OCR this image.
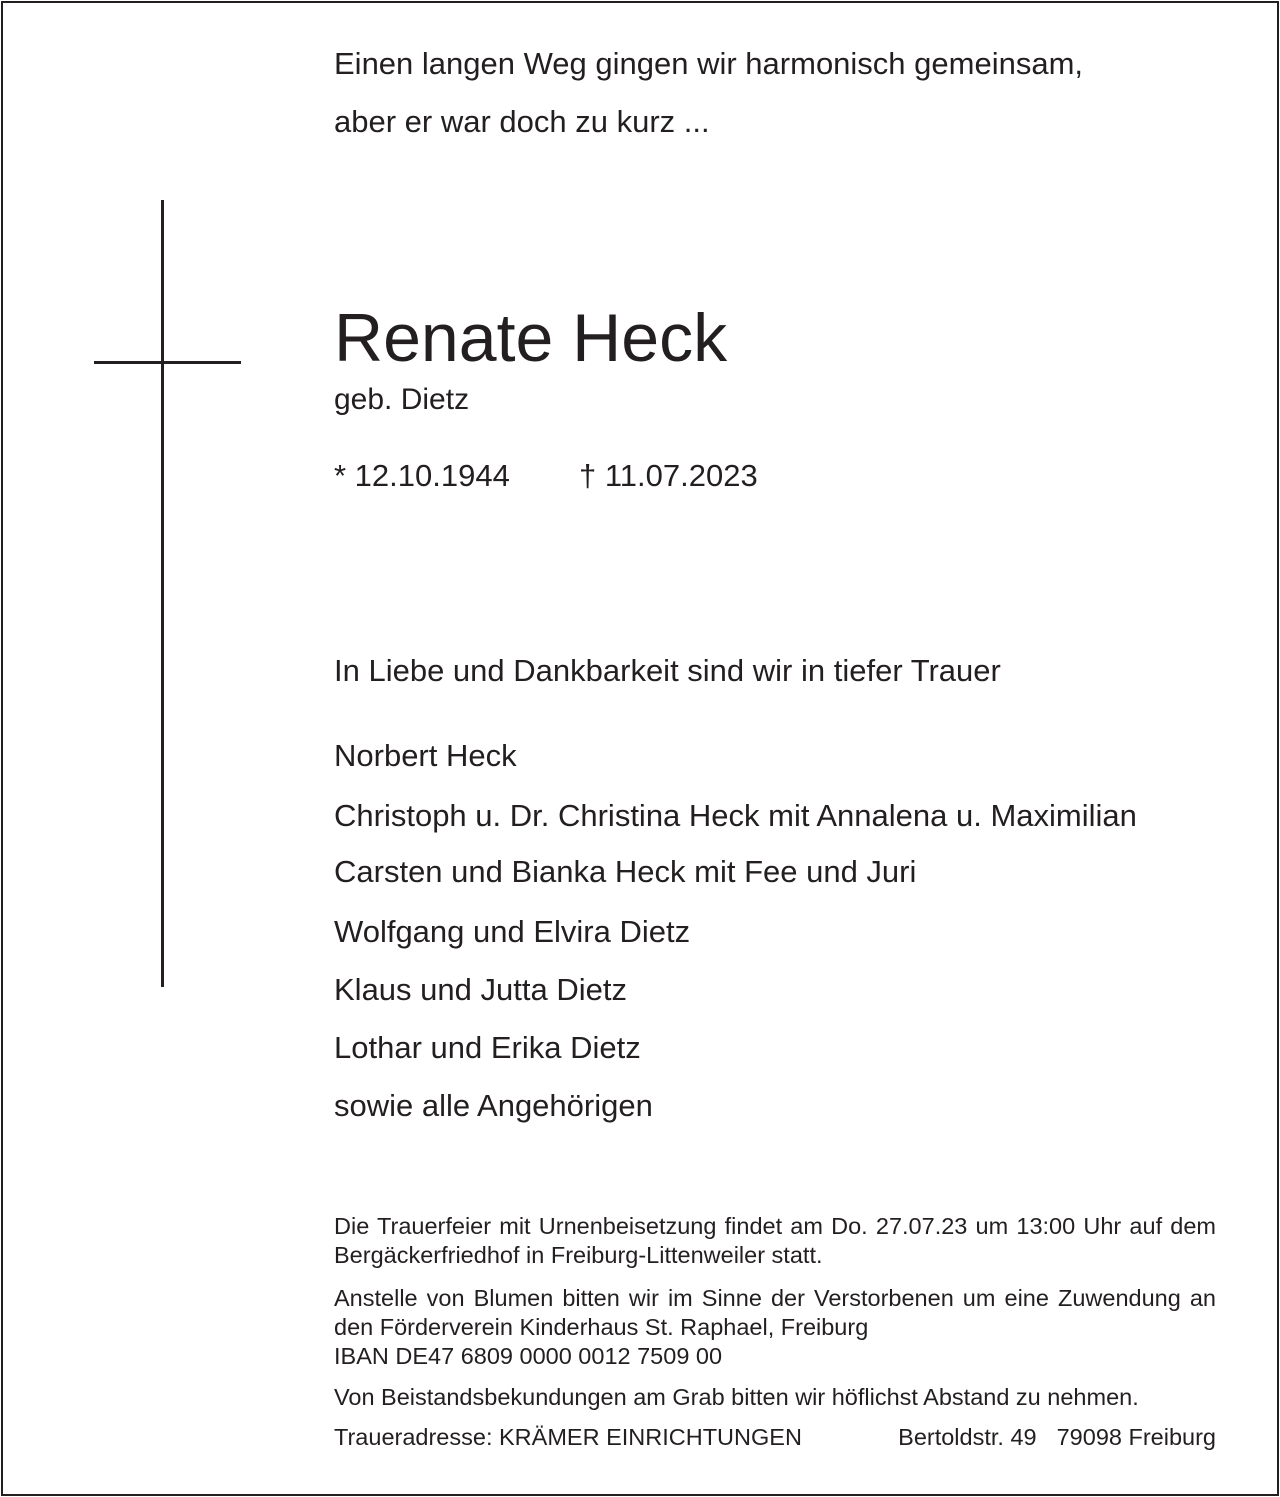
Einen langen Weg gingen wir harmonisch gemeinsam,
aber er war doch zu kurz ...
Renate Heck
geb. Dietz
* 12.10.1944 † 11.07.2023
In Liebe und Dankbarkeit sind wir in tiefer Trauer
Norbert Heck
Christoph u. Dr. Christina Heck mit Annalena u. Maximilian
Carsten und Bianka Heck mit Fee und Juri
Wolfgang und Elvira Dietz
Klaus und Jutta Dietz
Lothar und Erika Dietz
sowie alle Angehörigen
Die Trauerfeier mit Urnenbeisetzung findet am Do. 27.07.23 um 13:00 Uhr auf dem Bergäckerfriedhof in Freiburg-Littenweiler statt.
Anstelle von Blumen bitten wir im Sinne der Verstorbenen um eine Zuwendung an den Förderverein Kinderhaus St. Raphael, Freiburg
IBAN DE47 6809 0000 0012 7509 00
Von Beistandsbekundungen am Grab bitten wir höflichst Abstand zu nehmen.
Traueradresse: KRÄMER EINRICHTUNGEN	Bertoldstr. 49 79098 Freiburg
